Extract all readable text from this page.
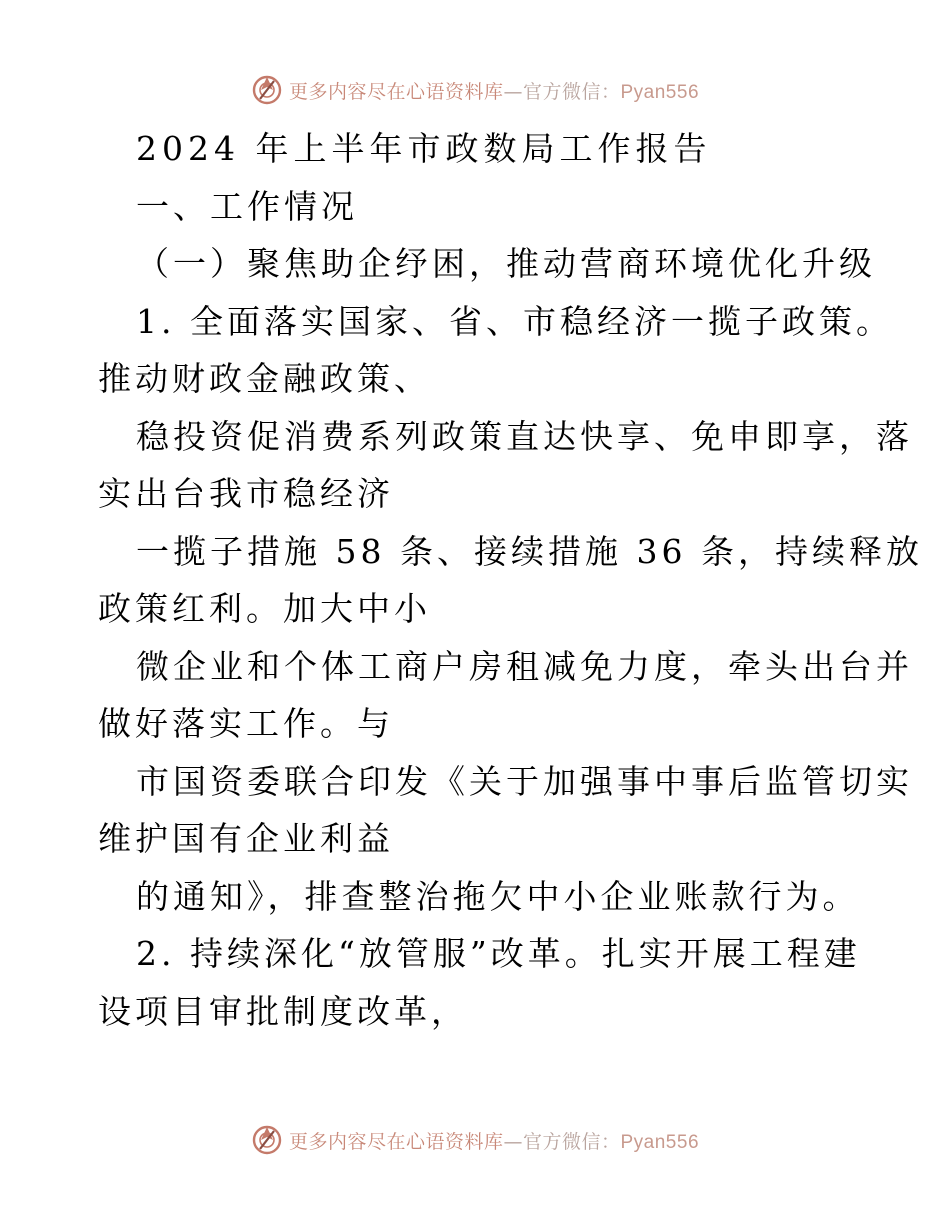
更多内容尽在心语资料库—官方微信：Pyan556
2024 年上半年市政数局工作报告
一、工作情况
（一）聚焦助企纾困，推动营商环境优化升级
1. 全面落实国家、省、市稳经济一揽子政策。
推动财政金融政策、
稳投资促消费系列政策直达快享、免申即享，落
实出台我市稳经济
一揽子措施 58 条、接续措施 36 条，持续释放
政策红利。加大中小
微企业和个体工商户房租减免力度，牵头出台并
做好落实工作。与
市国资委联合印发《关于加强事中事后监管切实
维护国有企业利益
的通知》，排查整治拖欠中小企业账款行为。
2. 持续深化“放管服”改革。扎实开展工程建
设项目审批制度改革，
更多内容尽在心语资料库—官方微信：Pyan556
